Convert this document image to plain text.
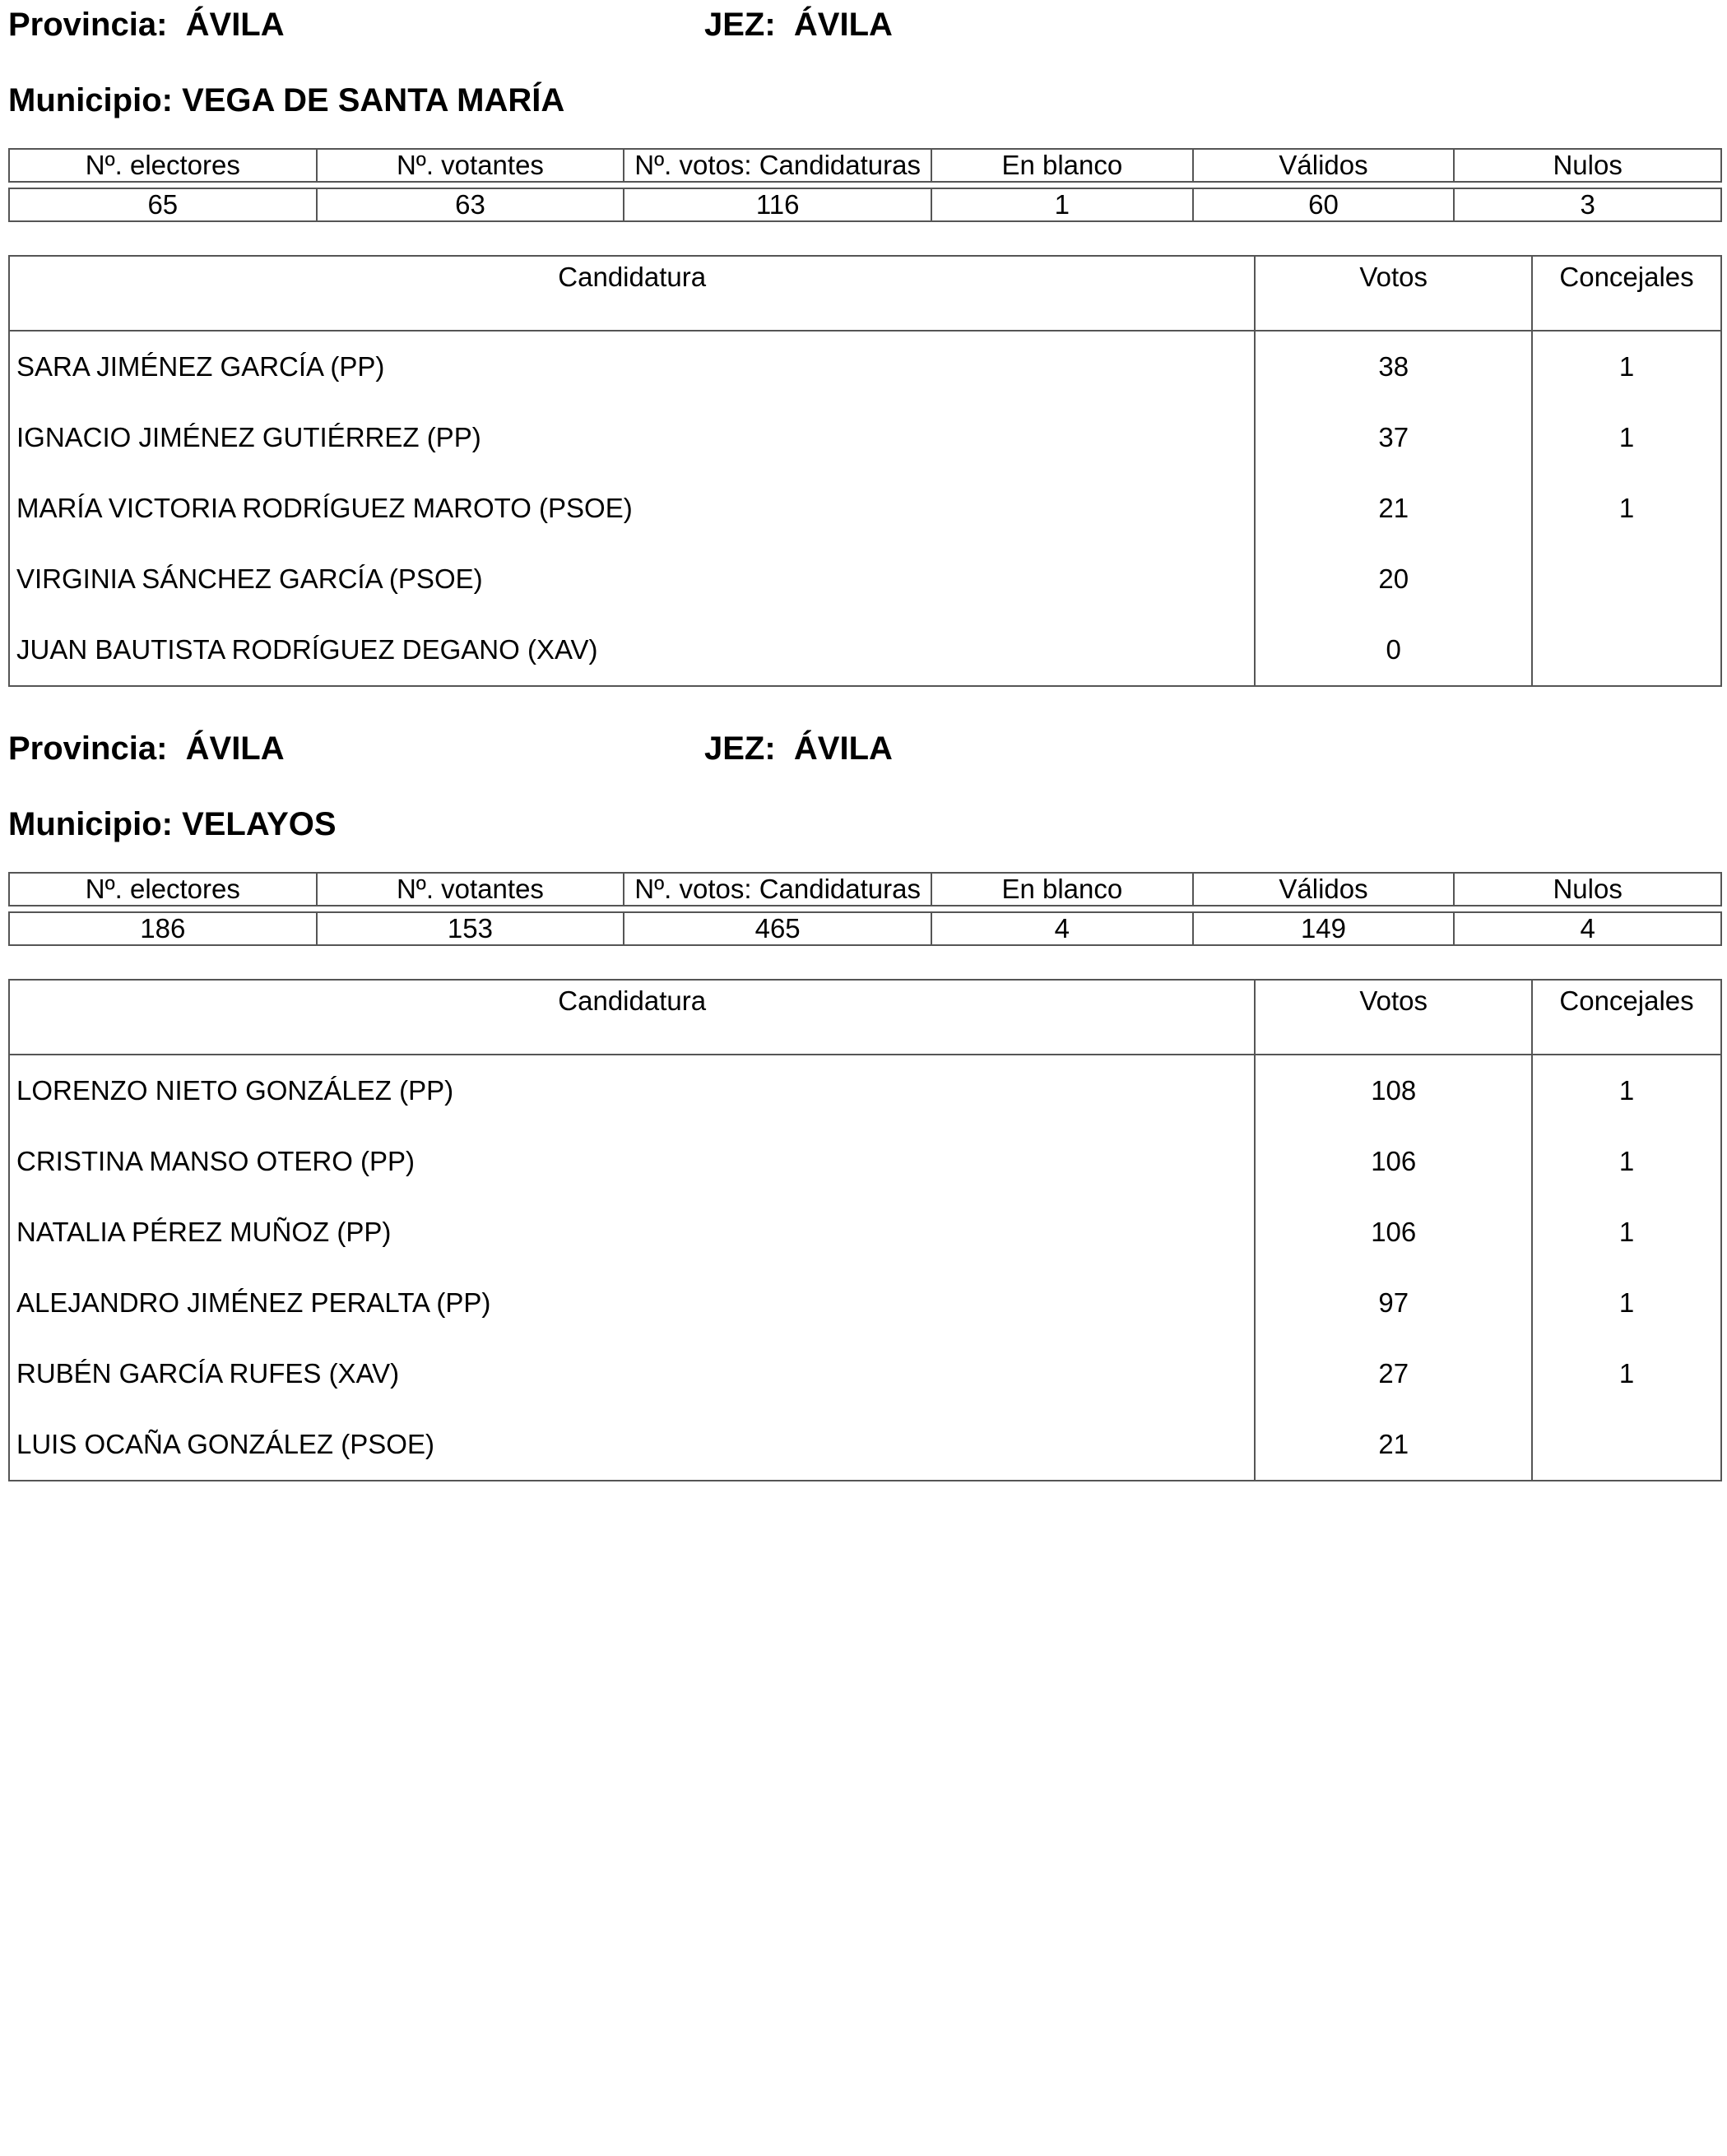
Provincia:  ÁVILA	JEZ:  ÁVILA
Municipio: VEGA DE SANTA MARÍA
Nº. electores	Nº. votantes	Nº. votos: Candidaturas	En blanco	Válidos	Nulos

65	63	116	1	60	3
Candidatura	Votos	Concejales
SARA JIMÉNEZ GARCÍA (PP)	38	1
IGNACIO JIMÉNEZ GUTIÉRREZ (PP)	37	1
MARÍA VICTORIA RODRÍGUEZ MAROTO (PSOE)	21	1
VIRGINIA SÁNCHEZ GARCÍA (PSOE)	20	
JUAN BAUTISTA RODRÍGUEZ DEGANO (XAV)	0	
Provincia:  ÁVILA	JEZ:  ÁVILA
Municipio: VELAYOS
Nº. electores	Nº. votantes	Nº. votos: Candidaturas	En blanco	Válidos	Nulos

186	153	465	4	149	4
Candidatura	Votos	Concejales
LORENZO NIETO GONZÁLEZ (PP)	108	1
CRISTINA MANSO OTERO (PP)	106	1
NATALIA PÉREZ MUÑOZ (PP)	106	1
ALEJANDRO JIMÉNEZ PERALTA (PP)	97	1
RUBÉN GARCÍA RUFES (XAV)	27	1
LUIS OCAÑA GONZÁLEZ (PSOE)	21	
